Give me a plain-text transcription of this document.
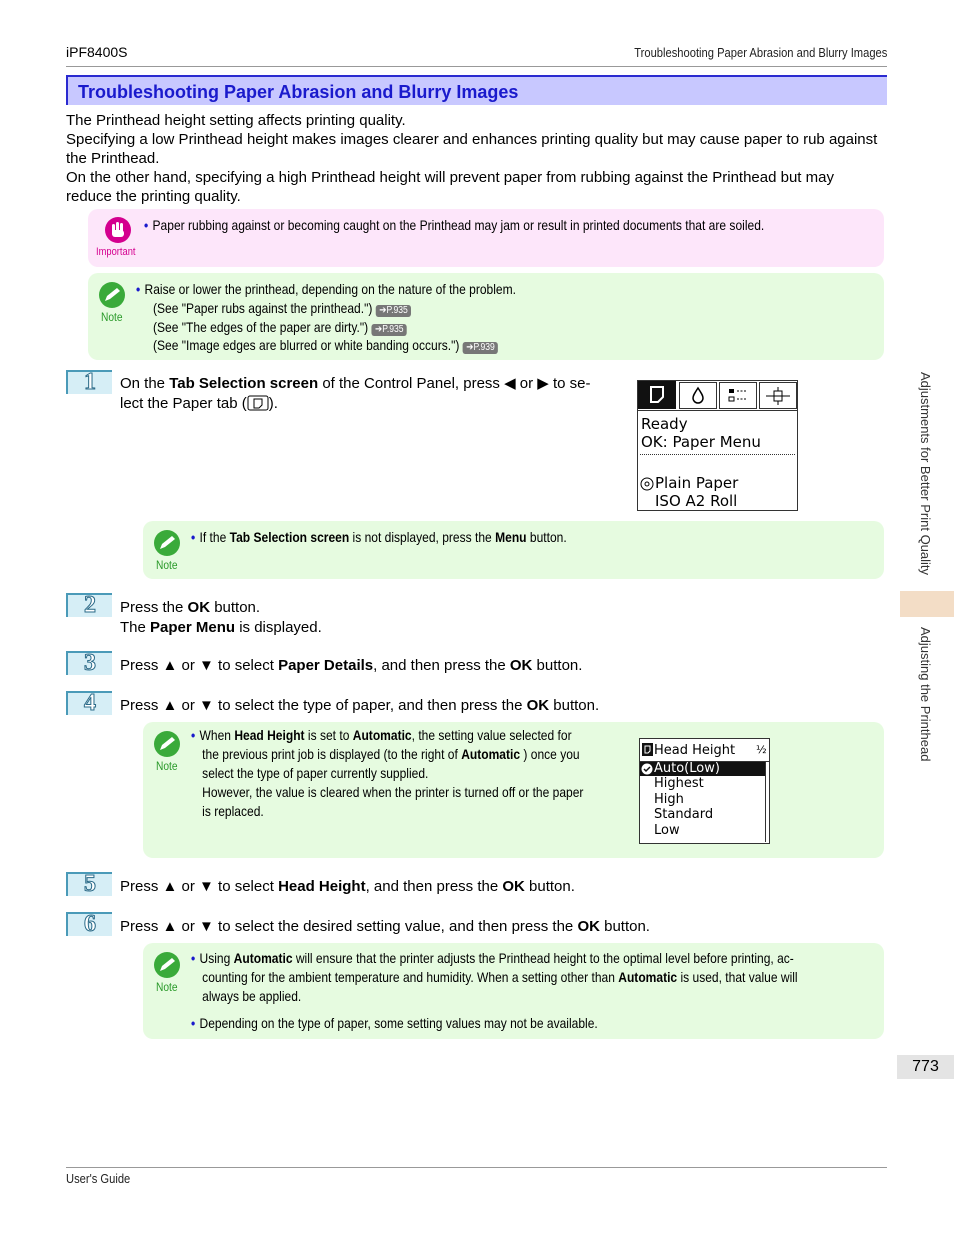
iPF8400S	Troubleshooting Paper Abrasion and Blurry Images
Troubleshooting Paper Abrasion and Blurry Images

The Printhead height setting affects printing quality.

Specifying a low Printhead height makes images clearer and enhances printing quality but may cause paper to rub against the Printhead.

On the other hand, specifying a high Printhead height will prevent paper from rubbing against the Printhead but may reduce the printing quality.

Important
• Paper rubbing against or becoming caught on the Printhead may jam or result in printed documents that are soiled.
Note
• Raise or lower the printhead, depending on the nature of the problem.
(See "Paper rubs against the printhead.") ➔P.935
(See "The edges of the paper are dirty.") ➔P.935
(See "Image edges are blurred or white banding occurs.") ➔P.939
1 On the Tab Selection screen of the Control Panel, press ◀ or ▶ to se-
lect the Paper tab ( ).
Ready
OK: Paper Menu
Plain Paper
ISO A2 Roll
Note
• If the Tab Selection screen is not displayed, press the Menu button.
2 Press the OK button.
The Paper Menu is displayed.
3 Press ▲ or ▼ to select Paper Details, and then press the OK button.
4 Press ▲ or ▼ to select the type of paper, and then press the OK button.
Note
• When Head Height is set to Automatic, the setting value selected for
the previous print job is displayed (to the right of Automatic ) once you
select the type of paper currently supplied.
However, the value is cleared when the printer is turned off or the paper
is replaced.
Head Height ½
Auto(Low)
Highest
High
Standard
Low
5 Press ▲ or ▼ to select Head Height, and then press the OK button.
6 Press ▲ or ▼ to select the desired setting value, and then press the OK button.
Note
• Using Automatic will ensure that the printer adjusts the Printhead height to the optimal level before printing, ac-
counting for the ambient temperature and humidity. When a setting other than Automatic is used, that value will
always be applied.
• Depending on the type of paper, some setting values may not be available.
Adjustments for Better Print Quality
Adjusting the Printhead
773
User's Guide
